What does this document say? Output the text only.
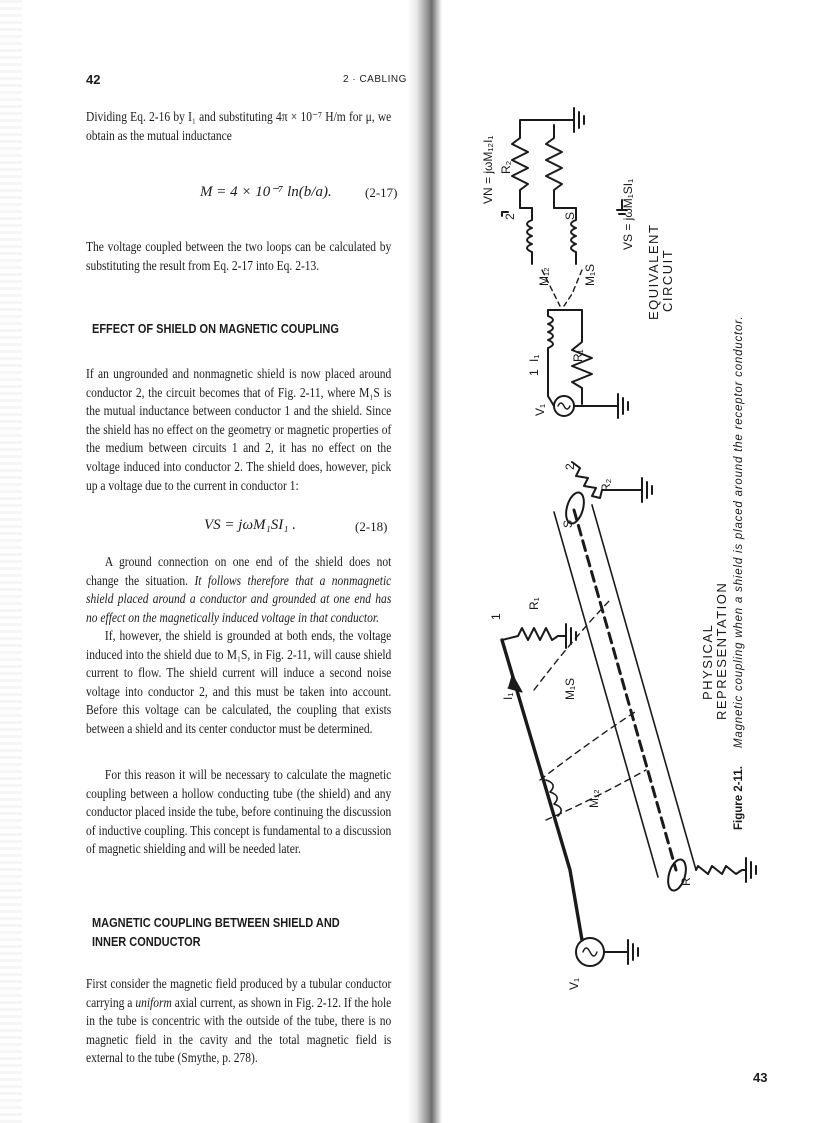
42	2 · CABLING
Dividing Eq. 2-16 by I₁ and substituting 4π × 10⁻⁷ H/m for μ, we obtain as the mutual inductance
M = 4 × 10⁻⁷ ln(b/a).	(2-17)
The voltage coupled between the two loops can be calculated by substituting the result from Eq. 2-17 into Eq. 2-13.
EFFECT OF SHIELD ON MAGNETIC COUPLING
If an ungrounded and nonmagnetic shield is now placed around conductor 2, the circuit becomes that of Fig. 2-11, where M₁S is the mutual inductance between conductor 1 and the shield. Since the shield has no effect on the geometry or magnetic properties of the medium between circuits 1 and 2, it has no effect on the voltage induced into conductor 2. The shield does, however, pick up a voltage due to the current in conductor 1:
VS = jωM₁SI₁ .	(2-18)
A ground connection on one end of the shield does not change the situation. It follows therefore that a nonmagnetic shield placed around a conductor and grounded at one end has no effect on the magnetically induced voltage in that conductor.
If, however, the shield is grounded at both ends, the voltage induced into the shield due to M₁S, in Fig. 2-11, will cause shield current to flow. The shield current will induce a second noise voltage into conductor 2, and this must be taken into account. Before this voltage can be calculated, the coupling that exists between a shield and its center conductor must be determined.
For this reason it will be necessary to calculate the magnetic coupling between a hollow conducting tube (the shield) and any conductor placed inside the tube, before continuing the discussion of inductive coupling. This concept is fundamental to a discussion of magnetic shielding and will be needed later.
MAGNETIC COUPLING BETWEEN SHIELD AND INNER CONDUCTOR
First consider the magnetic field produced by a tubular conductor carrying a uniform axial current, as shown in Fig. 2-12. If the hole in the tube is concentric with the outside of the tube, there is no magnetic field in the cavity and the total magnetic field is external to the tube (Smythe, p. 278).
43
VN = jωM₁₂I₁
VS = jωM₁SI₁
R₂
2	S
M₁₂	M₁S
I₁	R₁
V₁
1
2
S
R₂
1
R₁
I₁	M₁S
M₁₂
R
V₁
EQUIVALENT CIRCUIT
PHYSICAL REPRESENTATION
Figure 2-11.
Magnetic coupling when a shield is placed around the receptor conductor.
